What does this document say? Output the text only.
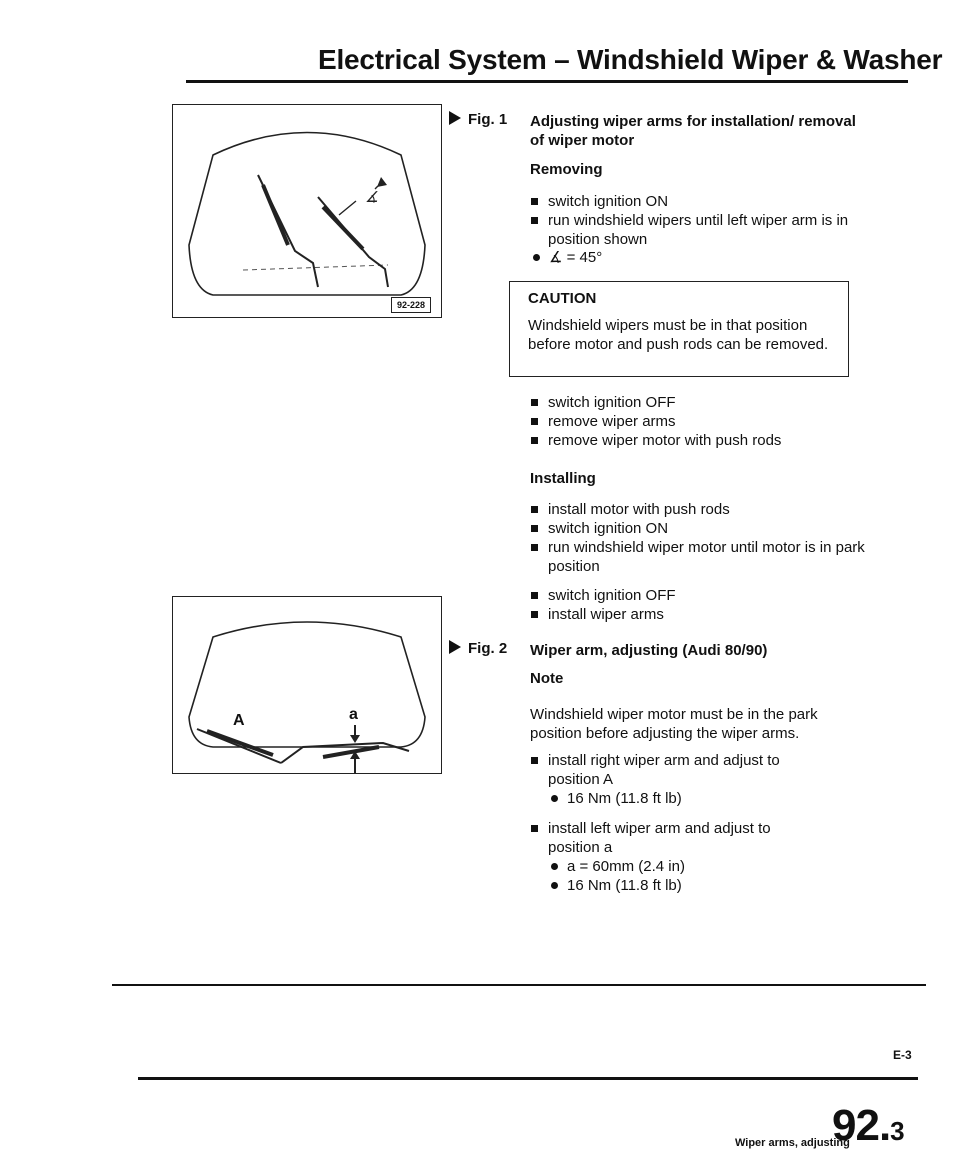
Electrical System – Windshield Wiper & Washer
∡
92-228
Fig. 1 Adjusting wiper arms for installation/ removal of wiper motor
Removing
switch ignition ON
run windshield wipers until left wiper arm is in position shown
∡ = 45°
CAUTION
Windshield wipers must be in that position before motor and push rods can be removed.
switch ignition OFF
remove wiper arms
remove wiper motor with push rods
Installing
install motor with push rods
switch ignition ON
run windshield wiper motor until motor is in park position
switch ignition OFF
install wiper arms
A	a
Fig. 2 Wiper arm, adjusting (Audi 80/90)
Note
Windshield wiper motor must be in the park position before adjusting the wiper arms.
install right wiper arm and adjust to position A
16 Nm (11.8 ft lb)
install left wiper arm and adjust to position a
a = 60mm (2.4 in)
16 Nm (11.8 ft lb)
E-3
Wiper arms, adjusting
92.3
